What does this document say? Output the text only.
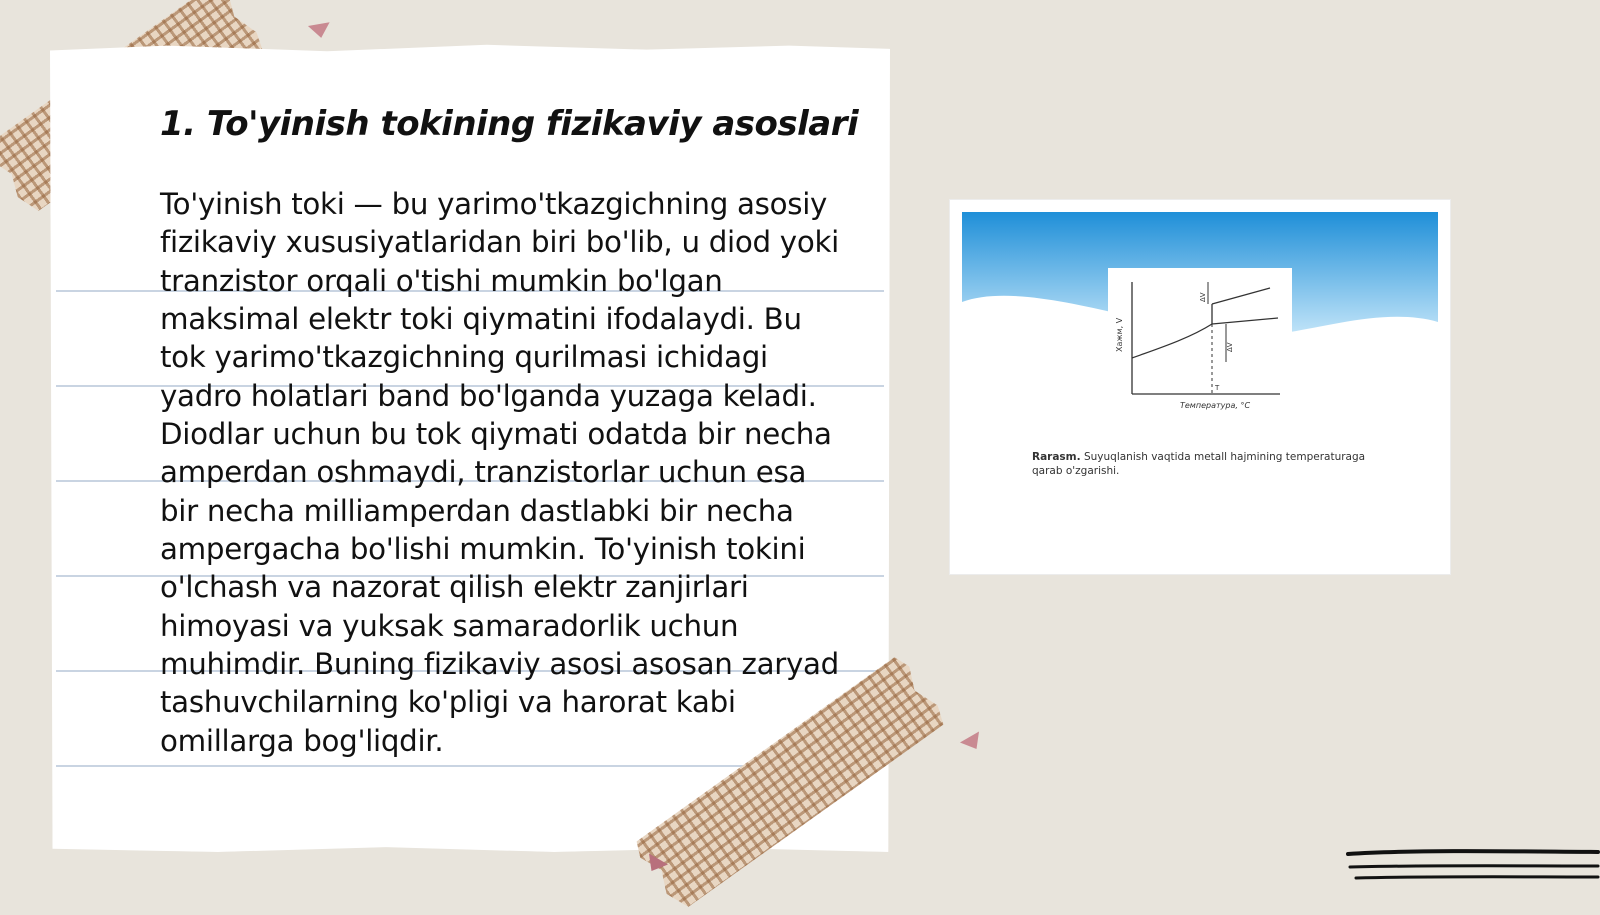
1. To'yinish tokining fizikaviy asoslari

To'yinish toki — bu yarimo'tkazgichning asosiy fizikaviy xususiyatlaridan biri bo'lib, u diod yoki tranzistor orqali o'tishi mumkin bo'lgan maksimal elektr toki qiymatini ifodalaydi. Bu tok yarimo'tkazgichning qurilmasi ichidagi yadro holatlari band bo'lganda yuzaga keladi. Diodlar uchun bu tok qiymati odatda bir necha amperdan oshmaydi, tranzistorlar uchun esa bir necha milliamperdan dastlabki bir necha ampergacha bo'lishi mumkin. To'yinish tokini o'lchash va nazorat qilish elektr zanjirlari himoyasi va yuksak samaradorlik uchun muhimdir. Buning fizikaviy asosi asosan zaryad tashuvchilarning ko'pligi va harorat kabi omillarga bog'liqdir.

Хажм, V
Температура, °С
ΔV
ΔV
T

Rarasm. Suyuqlanish vaqtida metall hajmining temperaturaga qarab o'zgarishi.
